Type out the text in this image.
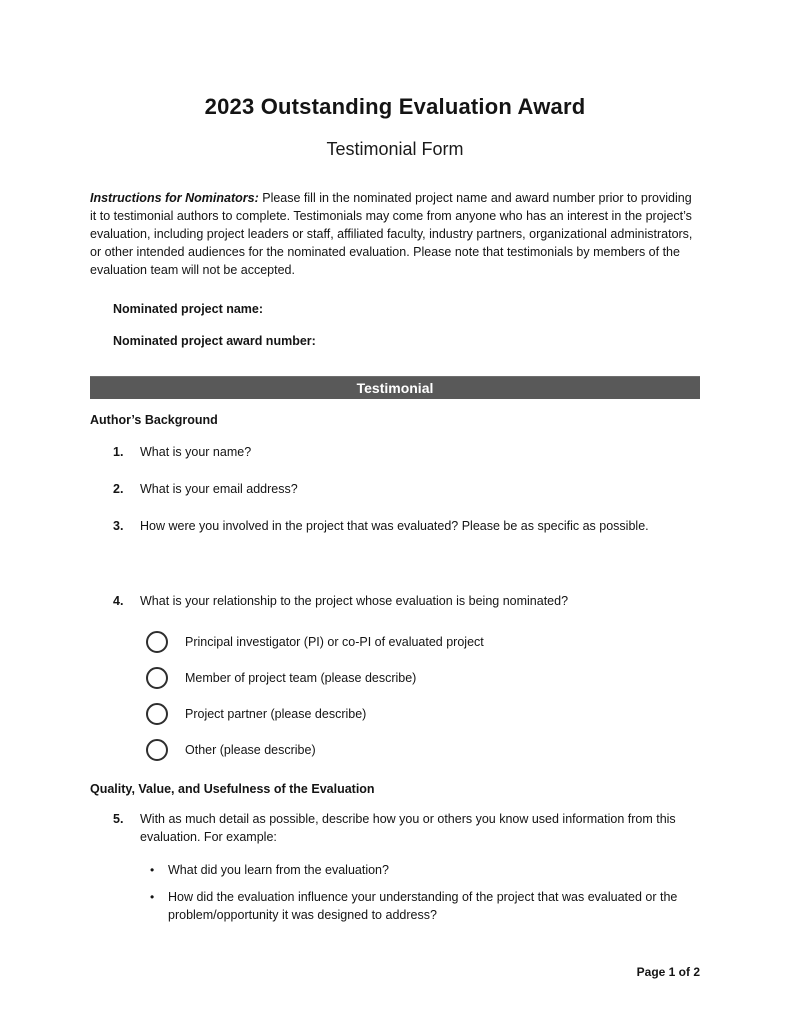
2023 Outstanding Evaluation Award
Testimonial Form

Instructions for Nominators: Please fill in the nominated project name and award number prior to providing it to testimonial authors to complete. Testimonials may come from anyone who has an interest in the project’s evaluation, including project leaders or staff, affiliated faculty, industry partners, organizational administrators, or other intended audiences for the nominated evaluation. Please note that testimonials by members of the evaluation team will not be accepted.

Nominated project name:
Nominated project award number:
Testimonial
Author’s Background
1.	What is your name?
2.	What is your email address?
3.	How were you involved in the project that was evaluated? Please be as specific as possible.
4.	What is your relationship to the project whose evaluation is being nominated?
Principal investigator (PI) or co-PI of evaluated project
Member of project team (please describe)
Project partner (please describe)
Other (please describe)
Quality, Value, and Usefulness of the Evaluation
5.	With as much detail as possible, describe how you or others you know used information from this evaluation. For example:
•	What did you learn from the evaluation?
•	How did the evaluation influence your understanding of the project that was evaluated or the problem/opportunity it was designed to address?
Page 1 of 2
